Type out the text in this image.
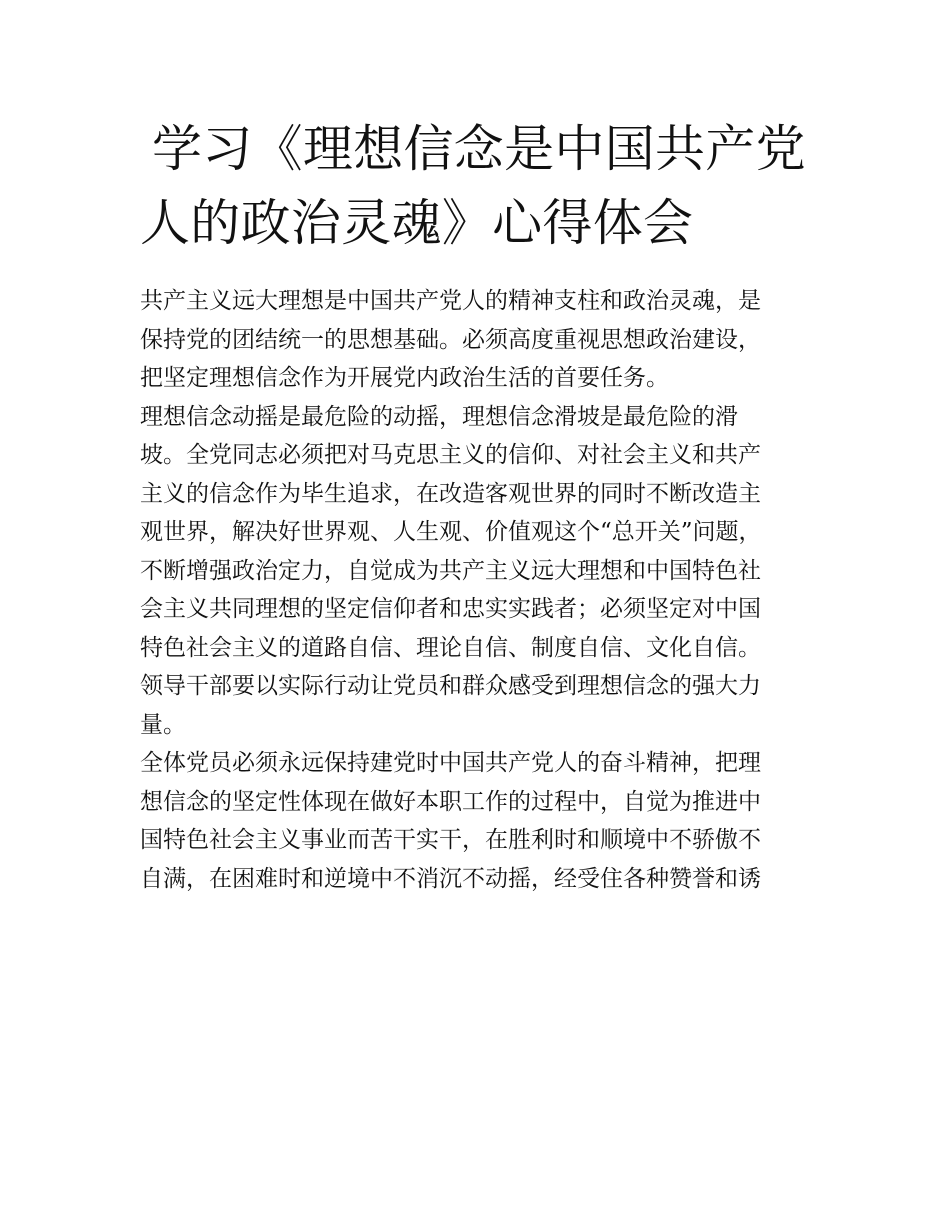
学习《理想信念是中国共产党
人的政治灵魂》心得体会

共产主义远大理想是中国共产党人的精神支柱和政治灵魂，是
保持党的团结统一的思想基础。必须高度重视思想政治建设，
把坚定理想信念作为开展党内政治生活的首要任务。

理想信念动摇是最危险的动摇，理想信念滑坡是最危险的滑
坡。全党同志必须把对马克思主义的信仰、对社会主义和共产
主义的信念作为毕生追求，在改造客观世界的同时不断改造主
观世界，解决好世界观、人生观、价值观这个“总开关”问题，
不断增强政治定力，自觉成为共产主义远大理想和中国特色社
会主义共同理想的坚定信仰者和忠实实践者；必须坚定对中国
特色社会主义的道路自信、理论自信、制度自信、文化自信。
领导干部要以实际行动让党员和群众感受到理想信念的强大力
量。

全体党员必须永远保持建党时中国共产党人的奋斗精神，把理
想信念的坚定性体现在做好本职工作的过程中，自觉为推进中
国特色社会主义事业而苦干实干，在胜利时和顺境中不骄傲不
自满，在困难时和逆境中不消沉不动摇，经受住各种赞誉和诱
